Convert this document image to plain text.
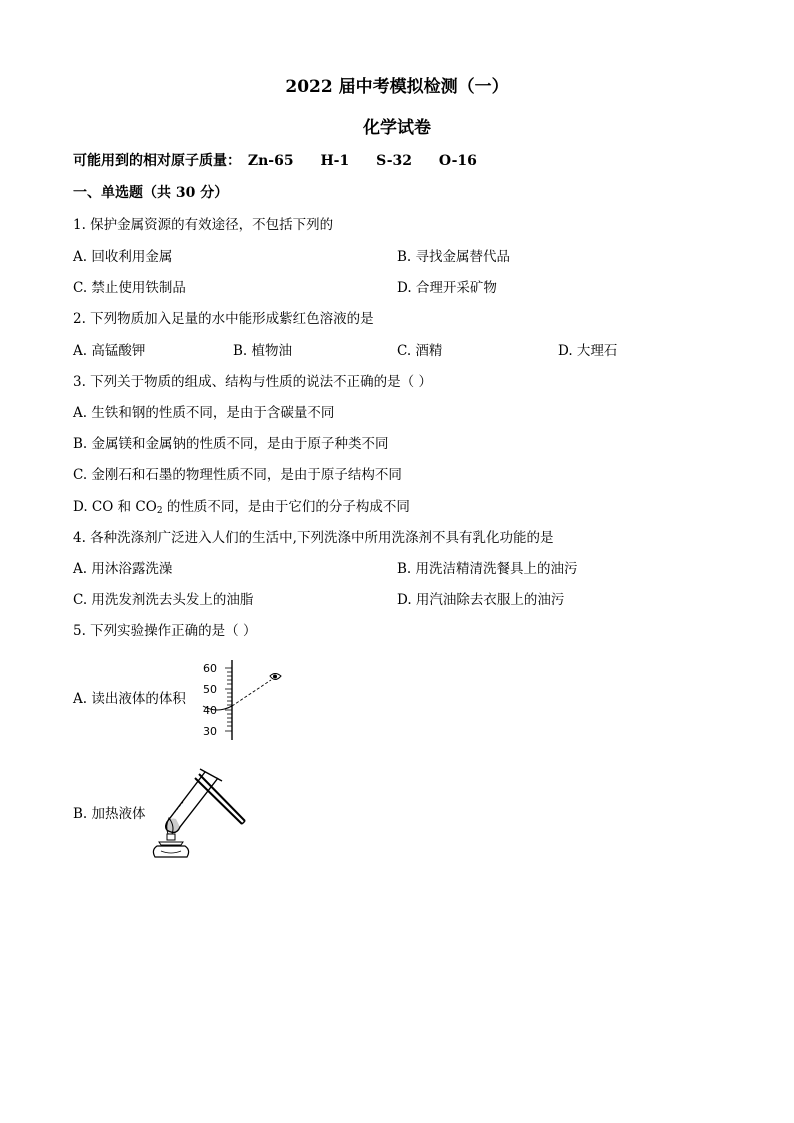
2022 届中考模拟检测（一）
化学试卷
可能用到的相对原子质量： Zn-65 H-1 S-32 O-16
一、单选题（共 30 分）
1. 保护金属资源的有效途径，不包括下列的
A. 回收利用金属	B. 寻找金属替代品
C. 禁止使用铁制品	D. 合理开采矿物
2. 下列物质加入足量的水中能形成紫红色溶液的是
A. 高锰酸钾	B. 植物油	C. 酒精	D. 大理石
3. 下列关于物质的组成、结构与性质的说法不正确的是（ ）
A. 生铁和钢的性质不同，是由于含碳量不同
B. 金属镁和金属钠的性质不同，是由于原子种类不同
C. 金刚石和石墨的物理性质不同，是由于原子结构不同
D. CO 和 $CO_2$ 的性质不同，是由于它们的分子构成不同
4. 各种洗涤剂广泛进入人们的生活中,下列洗涤中所用洗涤剂不具有乳化功能的是
A. 用沐浴露洗澡	B. 用洗洁精清洗餐具上的油污
C. 用洗发剂洗去头发上的油脂	D. 用汽油除去衣服上的油污
5. 下列实验操作正确的是（ ）
A. 读出液体的体积
60
50
40
30
B. 加热液体
